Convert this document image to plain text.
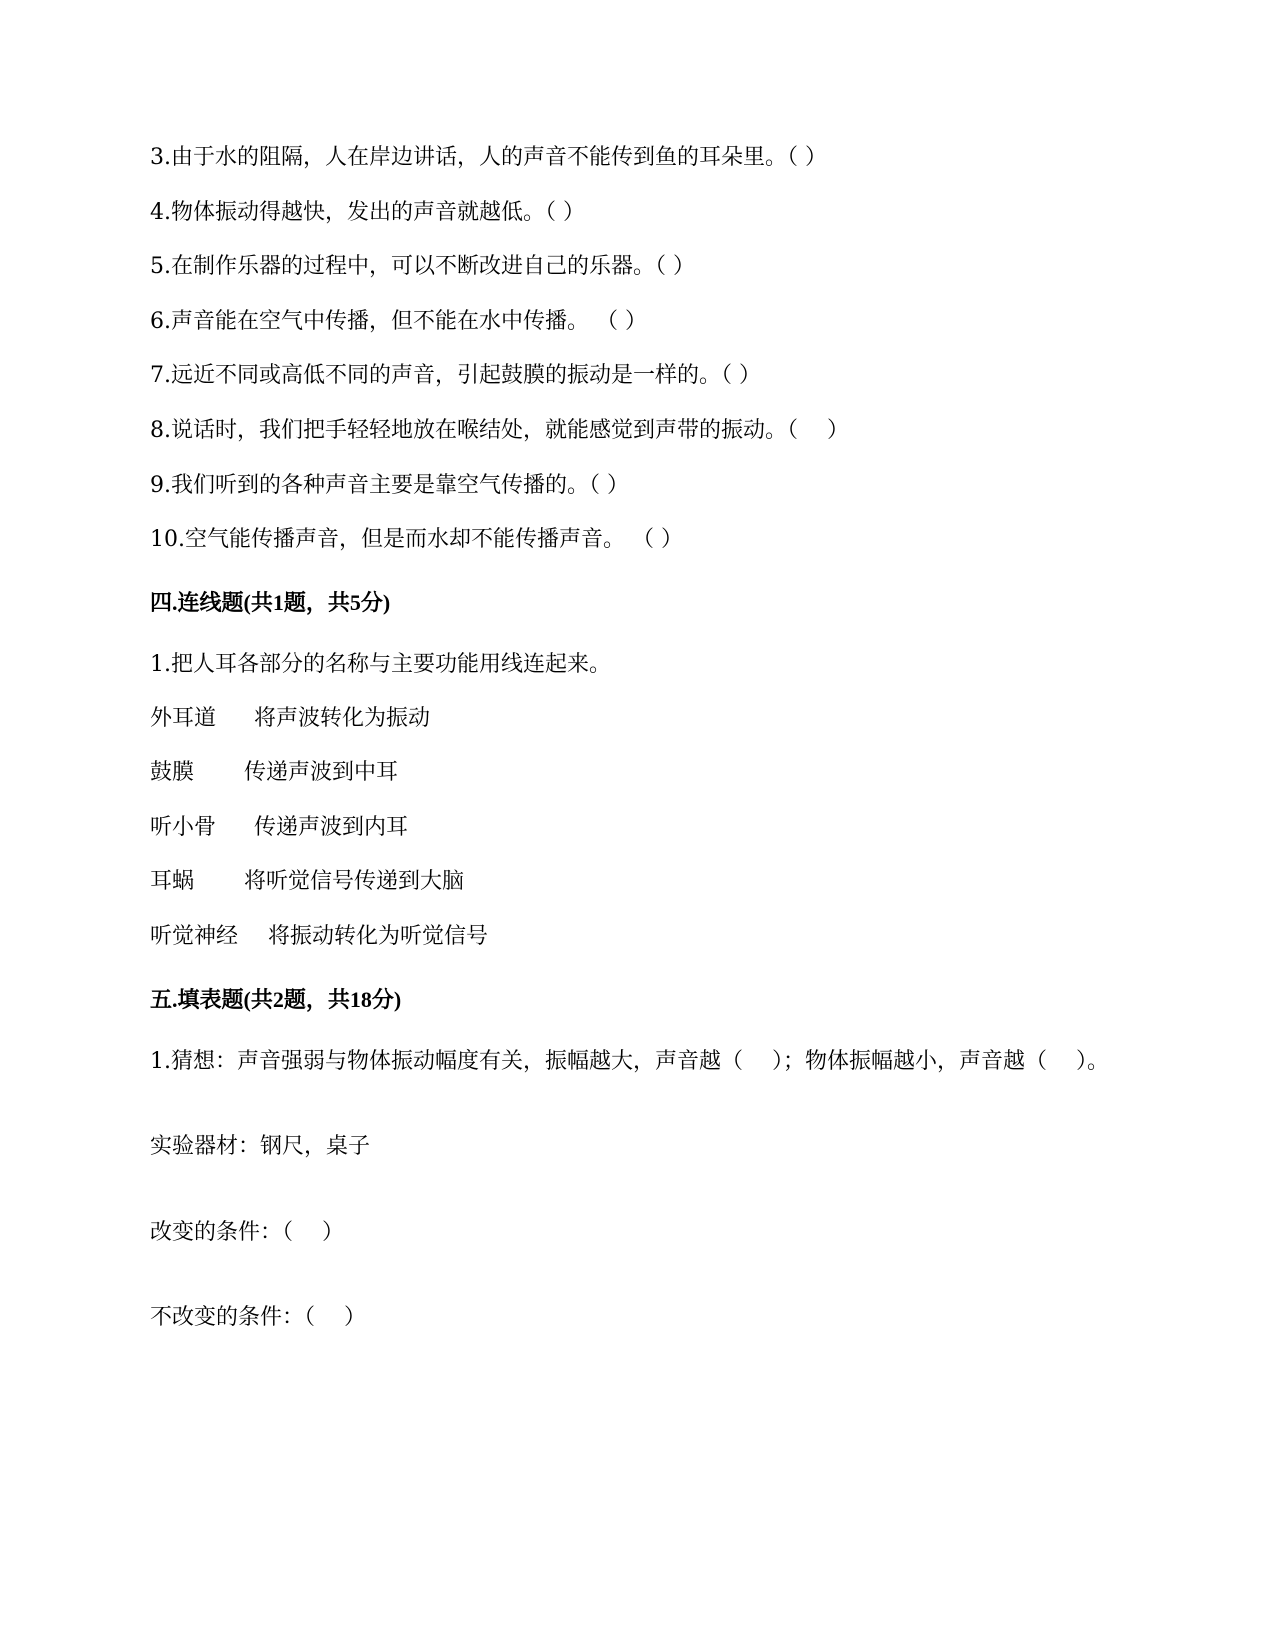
3.由于水的阻隔，人在岸边讲话，人的声音不能传到鱼的耳朵里。（ ）
4.物体振动得越快，发出的声音就越低。（ ）
5.在制作乐器的过程中，可以不断改进自己的乐器。（ ）
6.声音能在空气中传播，但不能在水中传播。 （ ）
7.远近不同或高低不同的声音，引起鼓膜的振动是一样的。（ ）
8.说话时，我们把手轻轻地放在喉结处，就能感觉到声带的振动。（　 ）
9.我们听到的各种声音主要是靠空气传播的。（ ）
10.空气能传播声音，但是而水却不能传播声音。 （ ）
四.连线题(共1题，共5分)
1.把人耳各部分的名称与主要功能用线连起来。
外耳道 将声波转化为振动
鼓膜 传递声波到中耳
听小骨 传递声波到内耳
耳蜗 将听觉信号传递到大脑
听觉神经 将振动转化为听觉信号
五.填表题(共2题，共18分)
1.猜想：声音强弱与物体振动幅度有关，振幅越大，声音越（　 ）；物体振幅越小，声音越（　 ）。
实验器材：钢尺，桌子
改变的条件：（　 ）
不改变的条件：（　 ）
